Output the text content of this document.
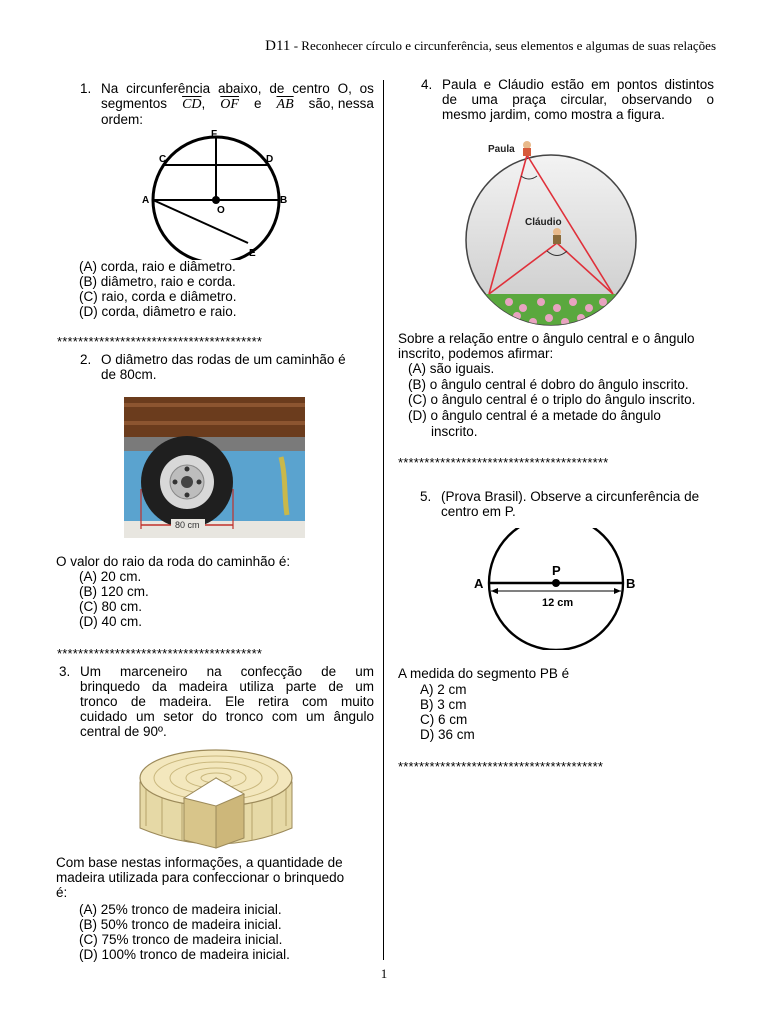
D11 - Reconhecer círculo e circunferência, seus elementos e algumas de suas relações
1. Na circunferência abaixo, de centro O, os
segmentos $\overline{CD}$, $\overline{OF}$ e $\overline{AB}$ são, nessa
ordem:
F
C	D
A	B
O
E
(A) corda, raio e diâmetro.
(B) diâmetro, raio e corda.
(C) raio, corda e diâmetro.
(D) corda, diâmetro e raio.
***************************************
2. O diâmetro das rodas de um caminhão é
de 80cm.
80 cm
O valor do raio da roda do caminhão é:
(A) 20 cm.
(B) 120 cm.
(C) 80 cm.
(D) 40 cm.
***************************************
3. Um marceneiro na confecção de um
brinquedo da madeira utiliza parte de um
tronco de madeira. Ele retira com muito
cuidado um setor do tronco com um ângulo
central de 90º.
Com base nestas informações, a quantidade de
madeira utilizada para confeccionar o brinquedo
é:
(A) 25% tronco de madeira inicial.
(B) 50% tronco de madeira inicial.
(C) 75% tronco de madeira inicial.
(D) 100% tronco de madeira inicial.
4. Paula e Cláudio estão em pontos distintos
de uma praça circular, observando o
mesmo jardim, como mostra a figura.
Paula
Cláudio
Sobre a relação entre o ângulo central e o ângulo
inscrito, podemos afirmar:
(A) são iguais.
(B) o ângulo central é dobro do ângulo inscrito.
(C) o ângulo central é o triplo do ângulo inscrito.
(D) o ângulo central é a metade do ângulo
inscrito.
****************************************
5. (Prova Brasil). Observe a circunferência de
centro em P.
A
P
B
12 cm
A medida do segmento PB é
A) 2 cm
B) 3 cm
C) 6 cm
D) 36 cm
***************************************
1
